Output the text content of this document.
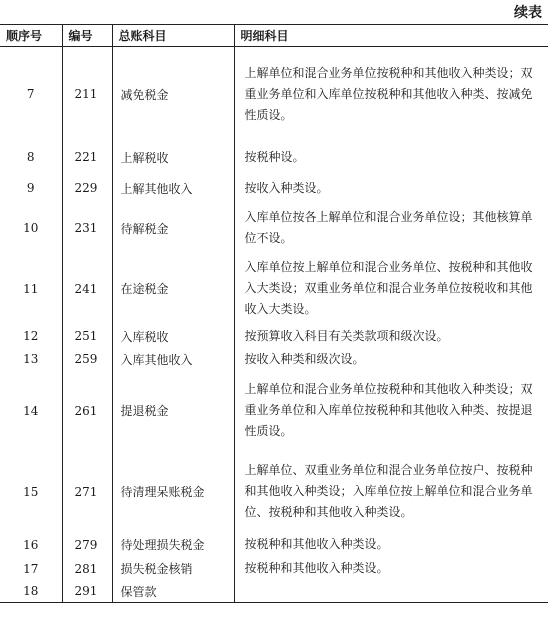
续表
顺序号	编号	总账科目	明细科目
7	211	减免税金	上解单位和混合业务单位按税种和其他收入种类设；双重业务单位和入库单位按税种和其他收入种类、按减免性质设。
8	221	上解税收	按税种设。
9	229	上解其他收入	按收入种类设。
10	231	待解税金	入库单位按各上解单位和混合业务单位设；其他核算单位不设。
11	241	在途税金	入库单位按上解单位和混合业务单位、按税种和其他收入大类设；双重业务单位和混合业务单位按税收和其他收入大类设。
12	251	入库税收	按预算收入科目有关类款项和级次设。
13	259	入库其他收入	按收入种类和级次设。
14	261	提退税金	上解单位和混合业务单位按税种和其他收入种类设；双重业务单位和入库单位按税种和其他收入种类、按提退性质设。
15	271	待清理呆账税金	上解单位、双重业务单位和混合业务单位按户、按税种和其他收入种类设；入库单位按上解单位和混合业务单位、按税种和其他收入种类设。
16	279	待处理损失税金	按税种和其他收入种类设。
17	281	损失税金核销	按税种和其他收入种类设。
18	291	保管款	
